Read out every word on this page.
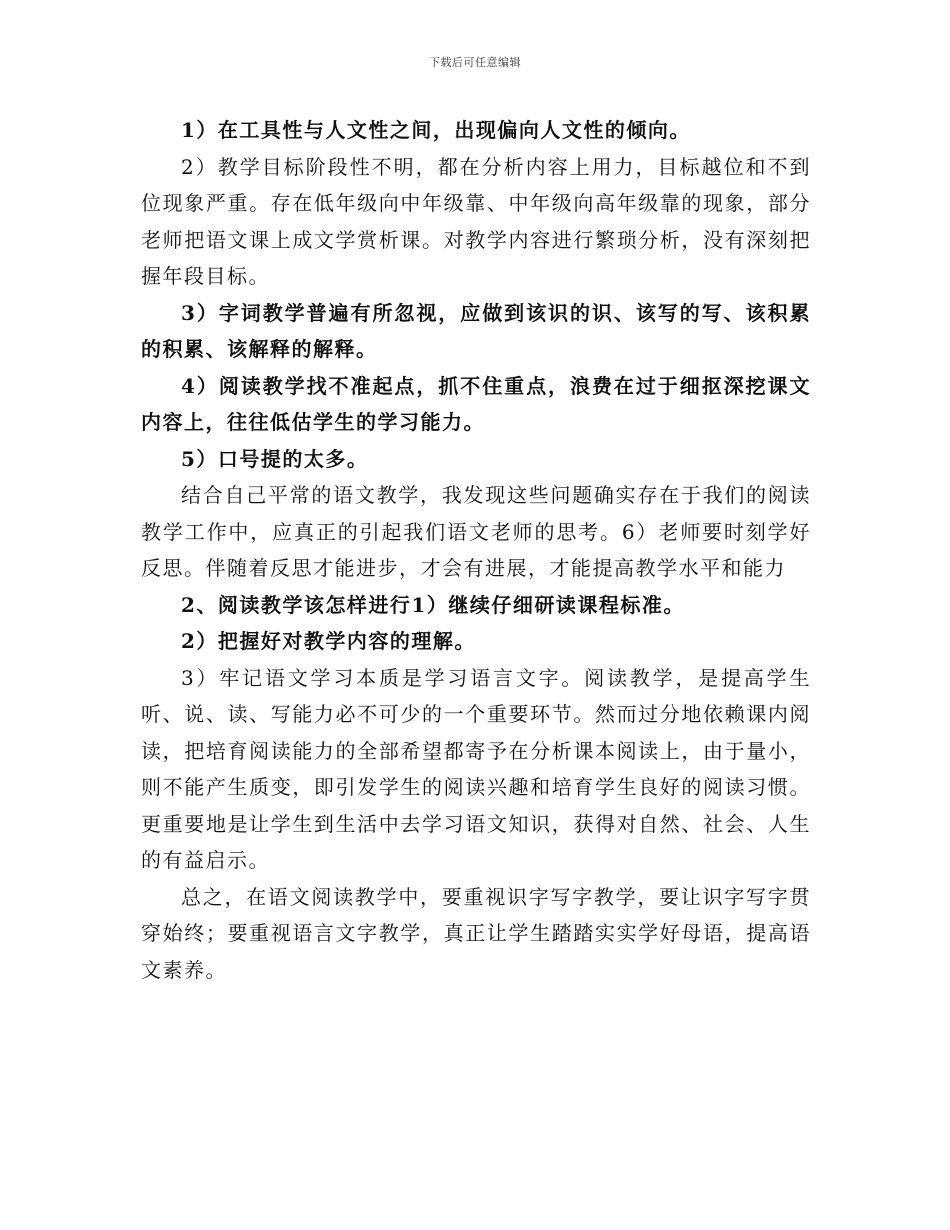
下载后可任意编辑

1）在工具性与人文性之间，出现偏向人文性的倾向。

2）教学目标阶段性不明，都在分析内容上用力，目标越位和不到位现象严重。存在低年级向中年级靠、中年级向高年级靠的现象，部分老师把语文课上成文学赏析课。对教学内容进行繁琐分析，没有深刻把握年段目标。

3）字词教学普遍有所忽视，应做到该识的识、该写的写、该积累的积累、该解释的解释。

4）阅读教学找不准起点，抓不住重点，浪费在过于细抠深挖课文内容上，往往低估学生的学习能力。

5）口号提的太多。

结合自己平常的语文教学，我发现这些问题确实存在于我们的阅读教学工作中，应真正的引起我们语文老师的思考。6）老师要时刻学好反思。伴随着反思才能进步，才会有进展，才能提高教学水平和能力

2、阅读教学该怎样进行1）继续仔细研读课程标准。

2）把握好对教学内容的理解。

3）牢记语文学习本质是学习语言文字。阅读教学，是提高学生听、说、读、写能力必不可少的一个重要环节。然而过分地依赖课内阅读，把培育阅读能力的全部希望都寄予在分析课本阅读上，由于量小，则不能产生质变，即引发学生的阅读兴趣和培育学生良好的阅读习惯。更重要地是让学生到生活中去学习语文知识，获得对自然、社会、人生的有益启示。

总之，在语文阅读教学中，要重视识字写字教学，要让识字写字贯穿始终；要重视语言文字教学，真正让学生踏踏实实学好母语，提高语文素养。
